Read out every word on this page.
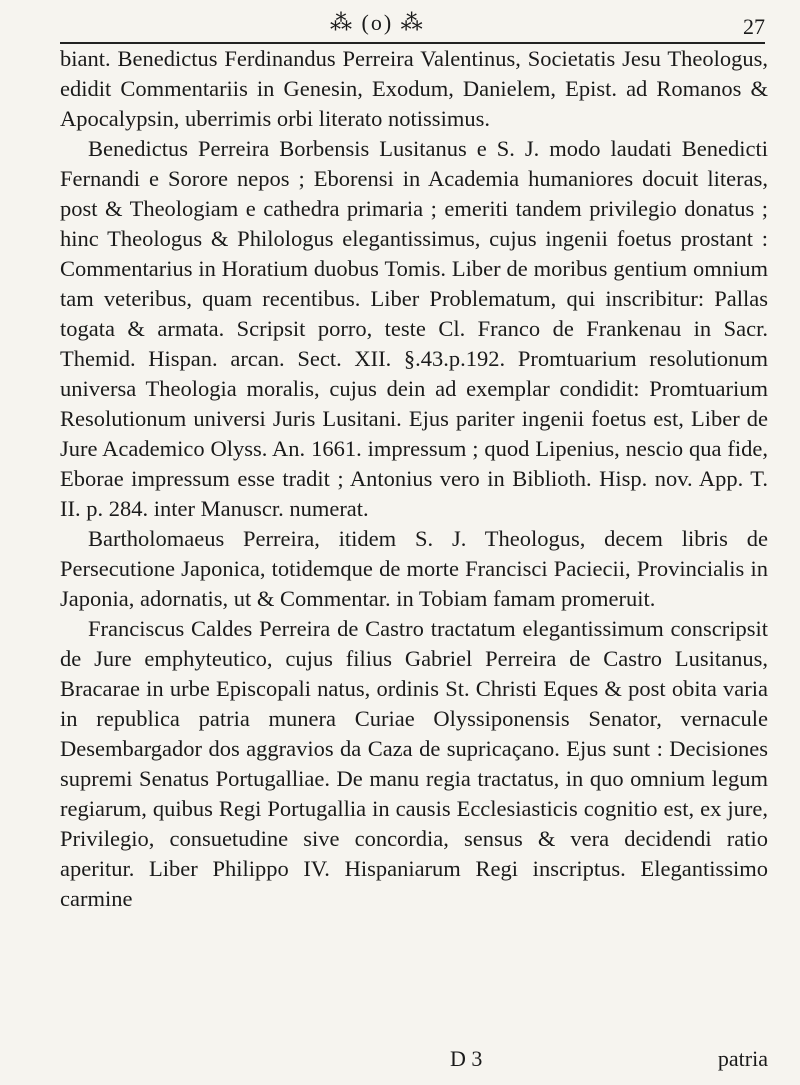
⁂ (o) ⁂	27

biant. Benedictus Ferdinandus Perreira Valentinus, Societatis Jesu Theologus, edidit Commentariis in Genesin, Exodum, Danielem, Epist. ad Romanos & Apocalypsin, uberrimis orbi literato notissimus.

Benedictus Perreira Borbensis Lusitanus e S. J. modo laudati Benedicti Fernandi e Sorore nepos ; Eborensi in Academia humaniores docuit literas, post & Theologiam e cathedra primaria ; emeriti tandem privilegio donatus ; hinc Theologus & Philologus elegantissimus, cujus ingenii foetus prostant : Commentarius in Horatium duobus Tomis. Liber de moribus gentium omnium tam veteribus, quam recentibus. Liber Problematum, qui inscribitur: Pallas togata & armata. Scripsit porro, teste Cl. Franco de Frankenau in Sacr. Themid. Hispan. arcan. Sect. XII. §.43.p.192. Promtuarium resolutionum universa Theologia moralis, cujus dein ad exemplar condidit: Promtuarium Resolutionum universi Juris Lusitani. Ejus pariter ingenii foetus est, Liber de Jure Academico Olyss. An. 1661. impressum ; quod Lipenius, nescio qua fide, Eborae impressum esse tradit ; Antonius vero in Biblioth. Hisp. nov. App. T. II. p. 284. inter Manuscr. numerat.

Bartholomaeus Perreira, itidem S. J. Theologus, decem libris de Persecutione Japonica, totidemque de morte Francisci Paciecii, Provincialis in Japonia, adornatis, ut & Commentar. in Tobiam famam promeruit.

Franciscus Caldes Perreira de Castro tractatum elegantissimum conscripsit de Jure emphyteutico, cujus filius Gabriel Perreira de Castro Lusitanus, Bracarae in urbe Episcopali natus, ordinis St. Christi Eques & post obita varia in republica patria munera Curiae Olyssiponensis Senator, vernacule Desembargador dos aggravios da Caza de supricaçano. Ejus sunt : Decisiones supremi Senatus Portugalliae. De manu regia tractatus, in quo omnium legum regiarum, quibus Regi Portugallia in causis Ecclesiasticis cognitio est, ex jure, Privilegio, consuetudine sive concordia, sensus & vera decidendi ratio aperitur. Liber Philippo IV. Hispaniarum Regi inscriptus. Elegantissimo carmine

D 3	patria
